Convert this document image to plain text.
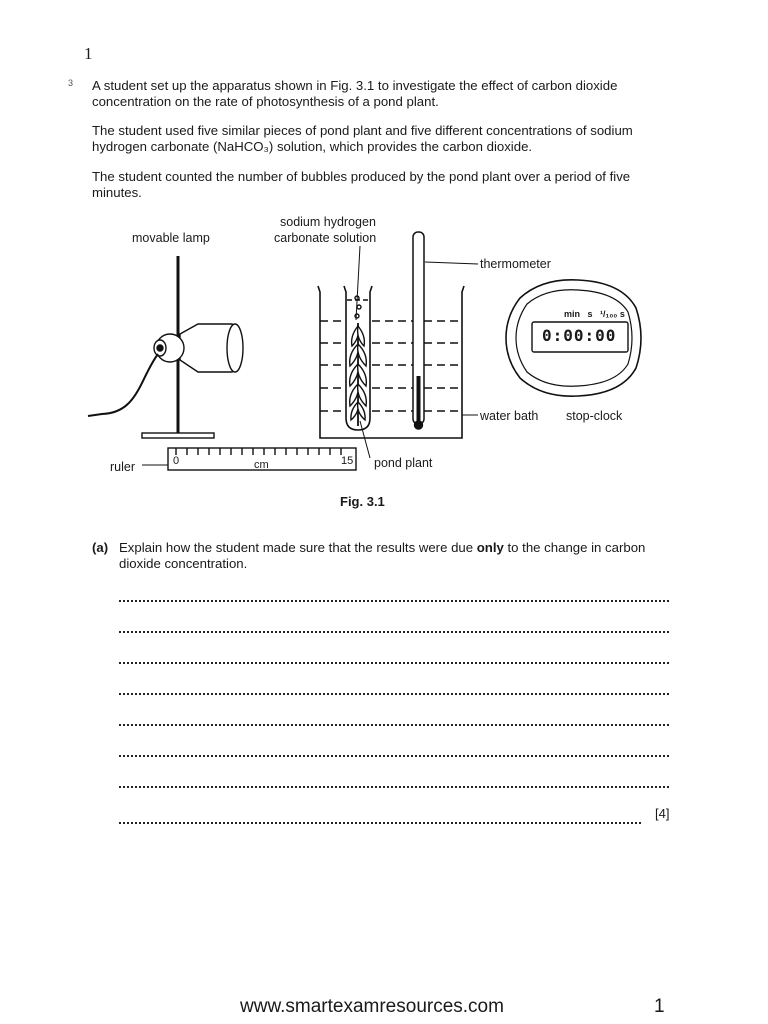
1
3 A student set up the apparatus shown in Fig. 3.1 to investigate the effect of carbon dioxide concentration on the rate of photosynthesis of a pond plant.

The student used five similar pieces of pond plant and five different concentrations of sodium hydrogen carbonate (NaHCO₃) solution, which provides the carbon dioxide.

The student counted the number of bubbles produced by the pond plant over a period of five minutes.

movable lamp
sodium hydrogen
carbonate solution
thermometer
water bath stop-clock
ruler	pond plant
0	15
cm
min   s   ¹/₁₀₀ s
0:00:00
Fig. 3.1
(a) Explain how the student made sure that the results were due only to the change in carbon dioxide concentration.

[4]
www.smartexamresources.com	1
